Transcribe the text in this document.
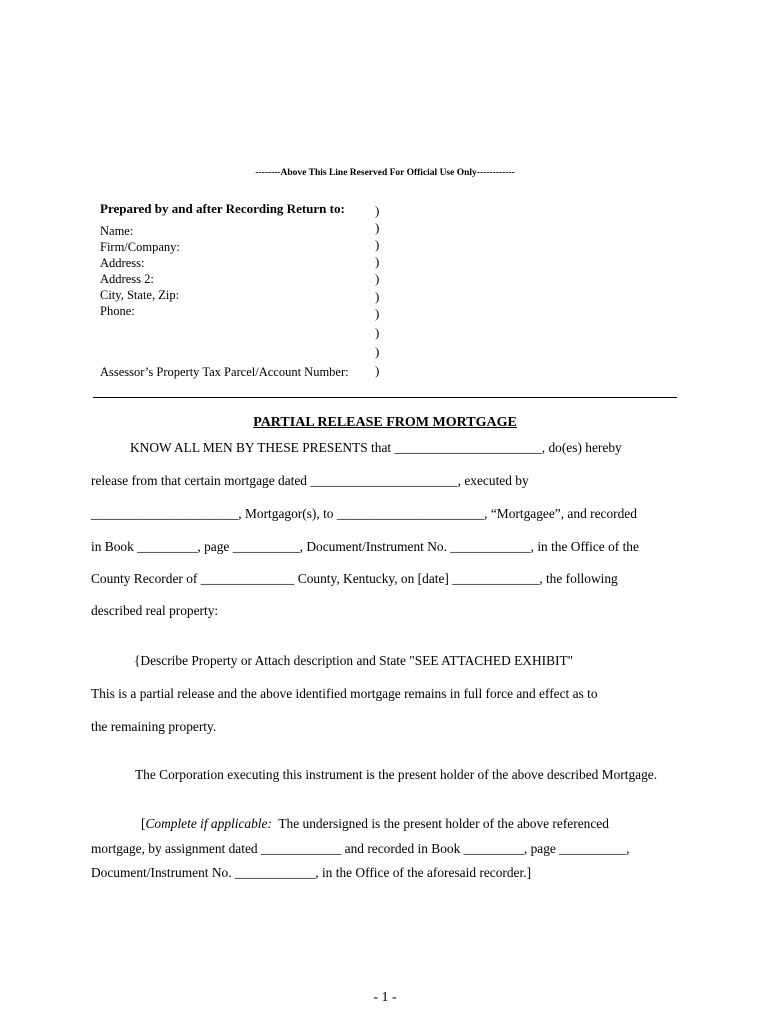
--------Above This Line Reserved For Official Use Only------------
Prepared by and after Recording Return to:
Name:
Firm/Company:
Address:
Address 2:
City, State, Zip:
Phone:
Assessor’s Property Tax Parcel/Account Number:
)
)
)
)
)
)
)
)
)
)
PARTIAL RELEASE FROM MORTGAGE
KNOW ALL MEN BY THESE PRESENTS that ______________________, do(es) hereby
release from that certain mortgage dated ______________________, executed by
______________________, Mortgagor(s), to ______________________, “Mortgagee”, and recorded
in Book _________, page __________, Document/Instrument No. ____________, in the Office of the
County Recorder of ______________ County, Kentucky, on [date] _____________, the following
described real property:
{Describe Property or Attach description and State "SEE ATTACHED EXHIBIT"
This is a partial release and the above identified mortgage remains in full force and effect as to
the remaining property.
The Corporation executing this instrument is the present holder of the above described Mortgage.
[Complete if applicable:  The undersigned is the present holder of the above referenced
mortgage, by assignment dated ____________ and recorded in Book _________, page __________,
Document/Instrument No. ____________, in the Office of the aforesaid recorder.]
- 1 -
